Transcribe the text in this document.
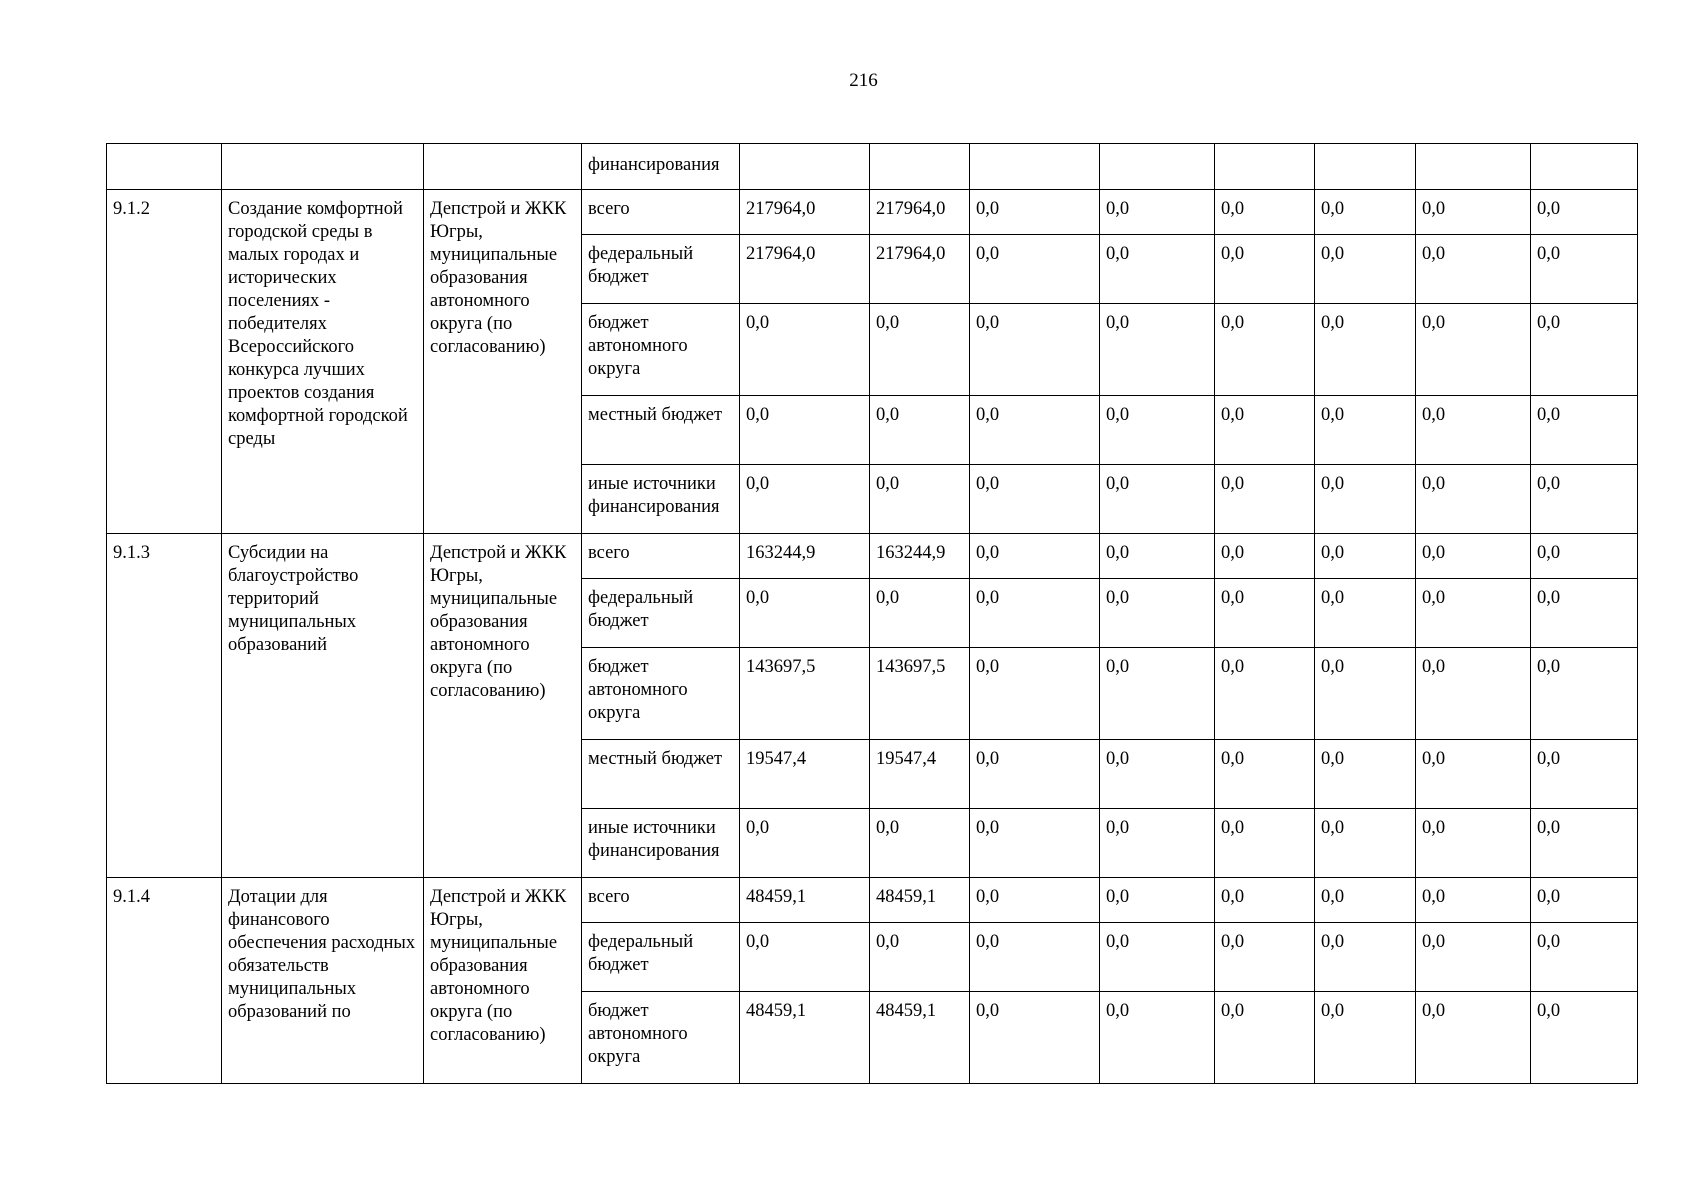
216
			финансирования								
9.1.2	Создание комфортной городской среды в малых городах и исторических поселениях - победителях Всероссийского конкурса лучших проектов создания комфортной городской среды	Депстрой и ЖКК Югры, муниципальные образования автономного округа (по согласованию)	всего	217964,0	217964,0	0,0	0,0	0,0	0,0	0,0	0,0
			федеральный бюджет	217964,0	217964,0	0,0	0,0	0,0	0,0	0,0	0,0
			бюджет автономного округа	0,0	0,0	0,0	0,0	0,0	0,0	0,0	0,0
			местный бюджет	0,0	0,0	0,0	0,0	0,0	0,0	0,0	0,0
			иные источники финансирования	0,0	0,0	0,0	0,0	0,0	0,0	0,0	0,0
9.1.3	Субсидии на благоустройство территорий муниципальных образований	Депстрой и ЖКК Югры, муниципальные образования автономного округа (по согласованию)	всего	163244,9	163244,9	0,0	0,0	0,0	0,0	0,0	0,0
			федеральный бюджет	0,0	0,0	0,0	0,0	0,0	0,0	0,0	0,0
			бюджет автономного округа	143697,5	143697,5	0,0	0,0	0,0	0,0	0,0	0,0
			местный бюджет	19547,4	19547,4	0,0	0,0	0,0	0,0	0,0	0,0
			иные источники финансирования	0,0	0,0	0,0	0,0	0,0	0,0	0,0	0,0
9.1.4	Дотации для финансового обеспечения расходных обязательств муниципальных образований по	Депстрой и ЖКК Югры, муниципальные образования автономного округа (по согласованию)	всего	48459,1	48459,1	0,0	0,0	0,0	0,0	0,0	0,0
			федеральный бюджет	0,0	0,0	0,0	0,0	0,0	0,0	0,0	0,0
			бюджет автономного округа	48459,1	48459,1	0,0	0,0	0,0	0,0	0,0	0,0
